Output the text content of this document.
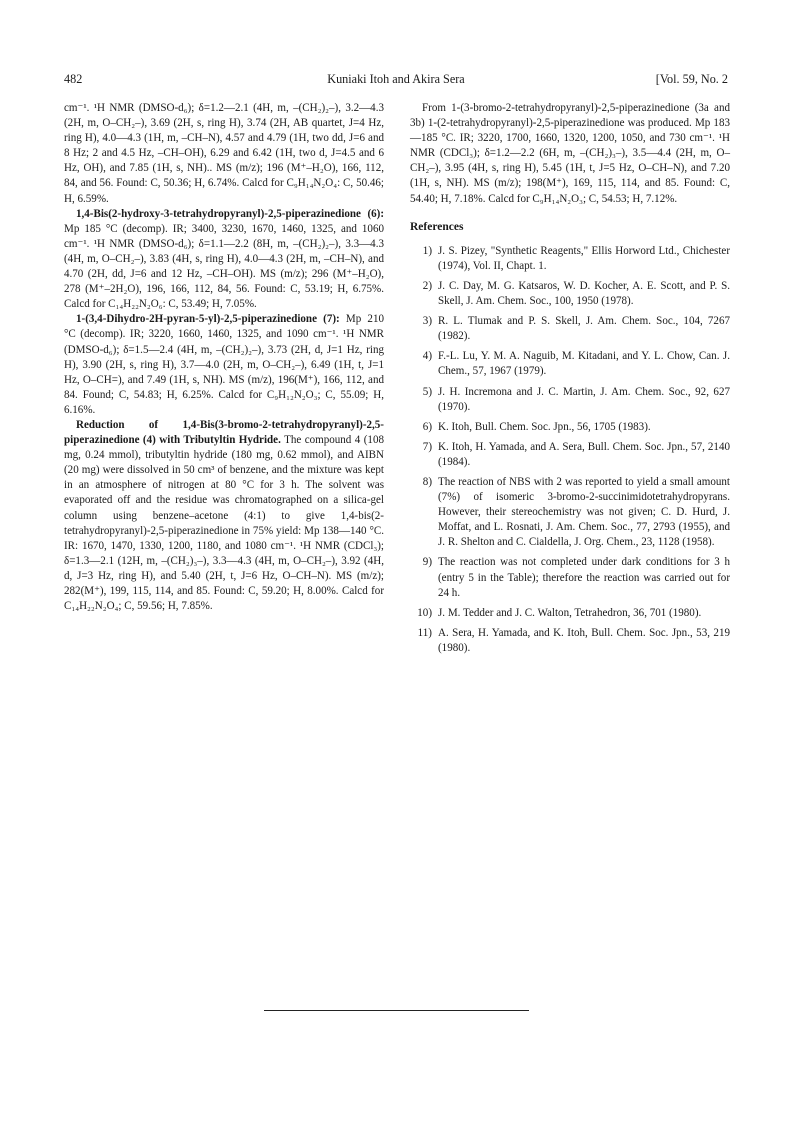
482	Kuniaki Itoh and Akira Sera	[Vol. 59, No. 2

cm⁻¹. ¹H NMR (DMSO-d₆); δ=1.2—2.1 (4H, m, –(CH₂)₂–), 3.2—4.3 (2H, m, O–CH₂–), 3.69 (2H, s, ring H), 3.74 (2H, AB quartet, J=4 Hz, ring H), 4.0—4.3 (1H, m, –CH–N), 4.57 and 4.79 (1H, two dd, J=6 and 8 Hz; 2 and 4.5 Hz, –CH–OH), 6.29 and 6.42 (1H, two d, J=4.5 and 6 Hz, OH), and 7.85 (1H, s, NH).. MS (m/z); 196 (M⁺–H₂O), 166, 112, 84, and 56. Found: C, 50.36; H, 6.74%. Calcd for C₉H₁₄N₂O₄: C, 50.46; H, 6.59%.

1,4-Bis(2-hydroxy-3-tetrahydropyranyl)-2,5-piperazinedione (6): Mp 185 °C (decomp). IR; 3400, 3230, 1670, 1460, 1325, and 1060 cm⁻¹. ¹H NMR (DMSO-d₆); δ=1.1—2.2 (8H, m, –(CH₂)₂–), 3.3—4.3 (4H, m, O–CH₂–), 3.83 (4H, s, ring H), 4.0—4.3 (2H, m, –CH–N), and 4.70 (2H, dd, J=6 and 12 Hz, –CH–OH). MS (m/z); 296 (M⁺–H₂O), 278 (M⁺–2H₂O), 196, 166, 112, 84, 56. Found: C, 53.19; H, 6.75%. Calcd for C₁₄H₂₂N₂O₆: C, 53.49; H, 7.05%.

1-(3,4-Dihydro-2H-pyran-5-yl)-2,5-piperazinedione (7): Mp 210 °C (decomp). IR; 3220, 1660, 1460, 1325, and 1090 cm⁻¹. ¹H NMR (DMSO-d₆); δ=1.5—2.4 (4H, m, –(CH₂)₂–), 3.73 (2H, d, J=1 Hz, ring H), 3.90 (2H, s, ring H), 3.7—4.0 (2H, m, O–CH₂–), 6.49 (1H, t, J=1 Hz, O–CH=), and 7.49 (1H, s, NH). MS (m/z), 196(M⁺), 166, 112, and 84. Found; C, 54.83; H, 6.25%. Calcd for C₉H₁₂N₂O₃; C, 55.09; H, 6.16%.

Reduction of 1,4-Bis(3-bromo-2-tetrahydropyranyl)-2,5-piperazinedione (4) with Tributyltin Hydride. The compound 4 (108 mg, 0.24 mmol), tributyltin hydride (180 mg, 0.62 mmol), and AIBN (20 mg) were dissolved in 50 cm³ of benzene, and the mixture was kept in an atmosphere of nitrogen at 80 °C for 3 h. The solvent was evaporated off and the residue was chromatographed on a silica-gel column using benzene–acetone (4:1) to give 1,4-bis(2-tetrahydropyranyl)-2,5-piperazinedione in 75% yield: Mp 138—140 °C. IR: 1670, 1470, 1330, 1200, 1180, and 1080 cm⁻¹. ¹H NMR (CDCl₃); δ=1.3—2.1 (12H, m, –(CH₂)₃–), 3.3—4.3 (4H, m, O–CH₂–), 3.92 (4H, d, J=3 Hz, ring H), and 5.40 (2H, t, J=6 Hz, O–CH–N). MS (m/z); 282(M⁺), 199, 115, 114, and 85. Found: C, 59.20; H, 8.00%. Calcd for C₁₄H₂₂N₂O₄; C, 59.56; H, 7.85%.

From 1-(3-bromo-2-tetrahydropyranyl)-2,5-piperazinedione (3a and 3b) 1-(2-tetrahydropyranyl)-2,5-piperazinedione was produced. Mp 183—185 °C. IR; 3220, 1700, 1660, 1320, 1200, 1050, and 730 cm⁻¹. ¹H NMR (CDCl₃); δ=1.2—2.2 (6H, m, –(CH₂)₃–), 3.5—4.4 (2H, m, O–CH₂–), 3.95 (4H, s, ring H), 5.45 (1H, t, J=5 Hz, O–CH–N), and 7.20 (1H, s, NH). MS (m/z); 198(M⁺), 169, 115, 114, and 85. Found: C, 54.40; H, 7.18%. Calcd for C₉H₁₄N₂O₃; C, 54.53; H, 7.12%.

References
1) J. S. Pizey, "Synthetic Reagents," Ellis Horword Ltd., Chichester (1974), Vol. II, Chapt. 1.
2) J. C. Day, M. G. Katsaros, W. D. Kocher, A. E. Scott, and P. S. Skell, J. Am. Chem. Soc., 100, 1950 (1978).
3) R. L. Tlumak and P. S. Skell, J. Am. Chem. Soc., 104, 7267 (1982).
4) F.-L. Lu, Y. M. A. Naguib, M. Kitadani, and Y. L. Chow, Can. J. Chem., 57, 1967 (1979).
5) J. H. Incremona and J. C. Martin, J. Am. Chem. Soc., 92, 627 (1970).
6) K. Itoh, Bull. Chem. Soc. Jpn., 56, 1705 (1983).
7) K. Itoh, H. Yamada, and A. Sera, Bull. Chem. Soc. Jpn., 57, 2140 (1984).
8) The reaction of NBS with 2 was reported to yield a small amount (7%) of isomeric 3-bromo-2-succinimidotetrahydropyrans. However, their stereochemistry was not given; C. D. Hurd, J. Moffat, and L. Rosnati, J. Am. Chem. Soc., 77, 2793 (1955), and J. R. Shelton and C. Cialdella, J. Org. Chem., 23, 1128 (1958).
9) The reaction was not completed under dark conditions for 3 h (entry 5 in the Table); therefore the reaction was carried out for 24 h.
10) J. M. Tedder and J. C. Walton, Tetrahedron, 36, 701 (1980).
11) A. Sera, H. Yamada, and K. Itoh, Bull. Chem. Soc. Jpn., 53, 219 (1980).
